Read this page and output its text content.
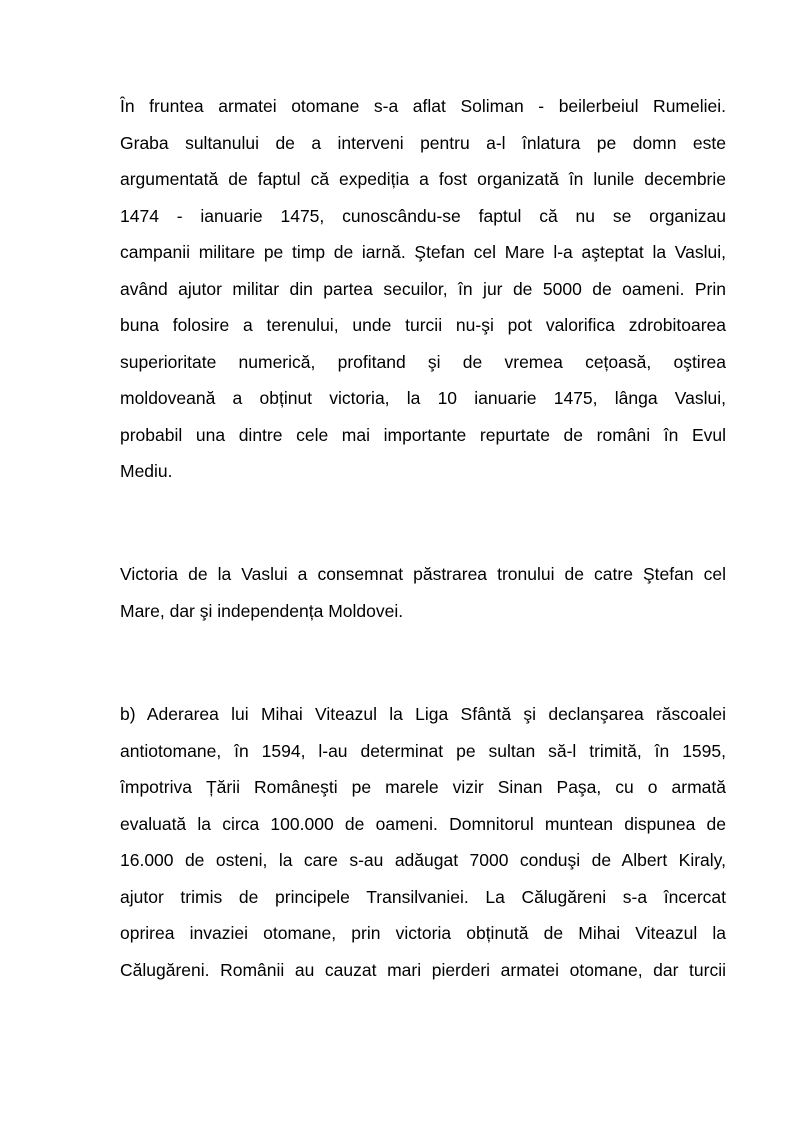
În fruntea armatei otomane s-a aflat Soliman - beilerbeiul Rumeliei.
Graba sultanului de a interveni pentru a-l înlatura pe domn este
argumentată de faptul că expediția a fost organizată în lunile decembrie
1474 - ianuarie 1475, cunoscându-se faptul că nu se organizau
campanii militare pe timp de iarnă. Ştefan cel Mare l-a aşteptat la Vaslui,
având ajutor militar din partea secuilor, în jur de 5000 de oameni. Prin
buna folosire a terenului, unde turcii nu-şi pot valorifica zdrobitoarea
superioritate numerică, profitand şi de vremea cețoasă, oştirea
moldoveană a obținut victoria, la 10 ianuarie 1475, lânga Vaslui,
probabil una dintre cele mai importante repurtate de români în Evul
Mediu.
Victoria de la Vaslui a consemnat păstrarea tronului de catre Ştefan cel
Mare, dar şi independența Moldovei.
b) Aderarea lui Mihai Viteazul la Liga Sfântă şi declanşarea răscoalei
antiotomane, în 1594, l-au determinat pe sultan să-l trimită, în 1595,
împotriva Țării Româneşti pe marele vizir Sinan Paşa, cu o armată
evaluată la circa 100.000 de oameni. Domnitorul muntean dispunea de
16.000 de osteni, la care s-au adăugat 7000 conduşi de Albert Kiraly,
ajutor trimis de principele Transilvaniei. La Călugăreni s-a încercat
oprirea invaziei otomane, prin victoria obținută de Mihai Viteazul la
Călugăreni. Românii au cauzat mari pierderi armatei otomane, dar turcii
